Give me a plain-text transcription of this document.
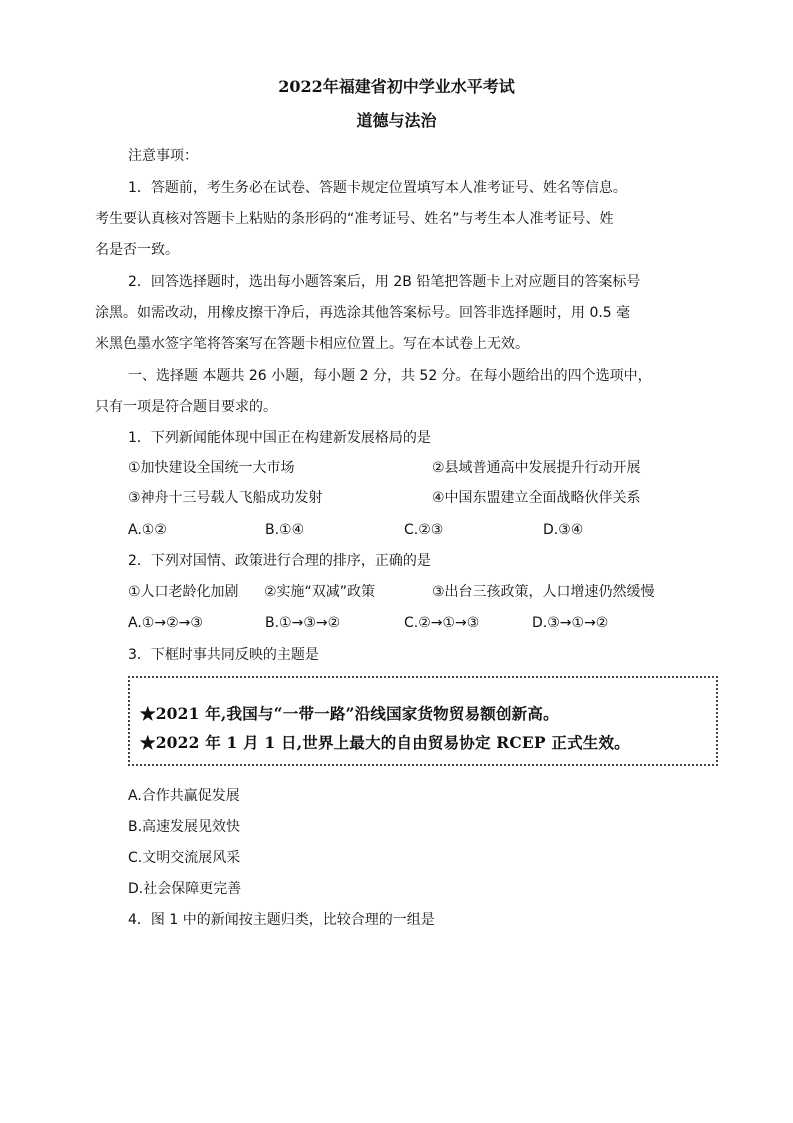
2022年福建省初中学业水平考试
道德与法治
注意事项：
1．答题前，考生务必在试卷、答题卡规定位置填写本人准考证号、姓名等信息。
考生要认真核对答题卡上粘贴的条形码的“准考证号、姓名”与考生本人准考证号、姓
名是否一致。
2．回答选择题时，选出每小题答案后，用 2B 铅笔把答题卡上对应题目的答案标号
涂黑。如需改动，用橡皮擦干净后，再选涂其他答案标号。回答非选择题时，用 0.5 毫
米黑色墨水签字笔将答案写在答题卡相应位置上。写在本试卷上无效。
一、选择题 本题共 26 小题，每小题 2 分，共 52 分。在每小题给出的四个选项中，
只有一项是符合题目要求的。
1．下列新闻能体现中国正在构建新发展格局的是
①加快建设全国统一大市场	②县域普通高中发展提升行动开展
③神舟十三号载人飞船成功发射	④中国东盟建立全面战略伙伴关系
A.①②	B.①④	C.②③	D.③④
2．下列对国情、政策进行合理的排序，正确的是
①人口老龄化加剧 ②实施“双减”政策	③出台三孩政策，人口增速仍然缓慢
A.①→②→③	B.①→③→②	C.②→①→③	D.③→①→②
3．下框时事共同反映的主题是
★2021 年,我国与“一带一路”沿线国家货物贸易额创新高。
★2022 年 1 月 1 日,世界上最大的自由贸易协定 RCEP 正式生效。
A.合作共赢促发展
B.高速发展见效快
C.文明交流展风采
D.社会保障更完善
4．图 1 中的新闻按主题归类，比较合理的一组是
